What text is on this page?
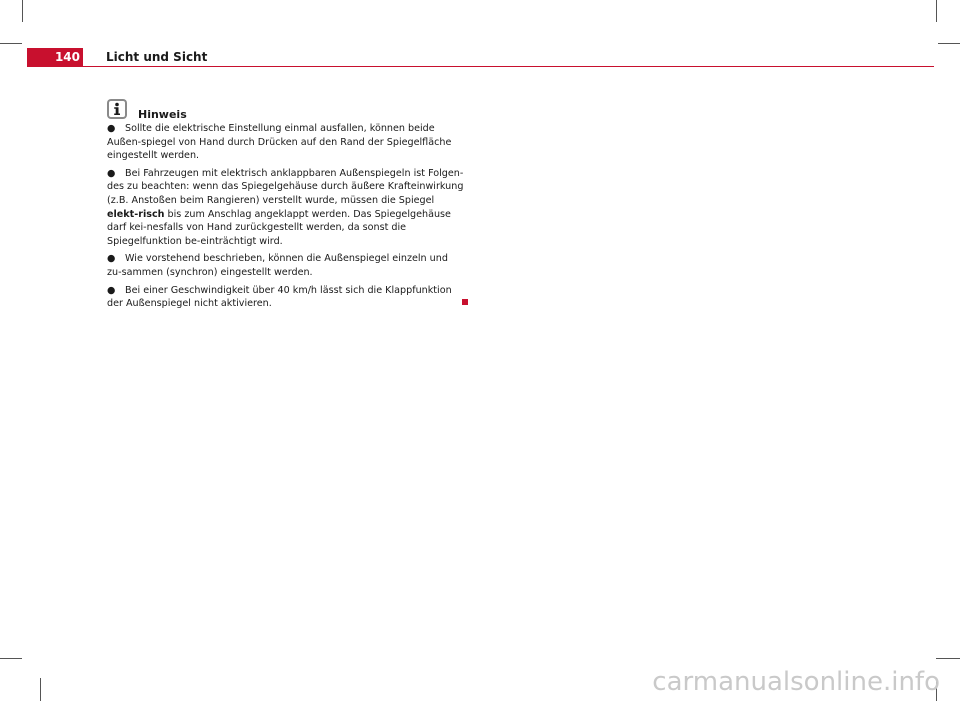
140 Licht und Sicht
Hinweis

● Sollte die elektrische Einstellung einmal ausfallen, können beide Außen-spiegel von Hand durch Drücken auf den Rand der Spiegelfläche eingestellt werden.

● Bei Fahrzeugen mit elektrisch anklappbaren Außenspiegeln ist Folgen-des zu beachten: wenn das Spiegelgehäuse durch äußere Krafteinwirkung (z.B. Anstoßen beim Rangieren) verstellt wurde, müssen die Spiegel elekt-risch bis zum Anschlag angeklappt werden. Das Spiegelgehäuse darf kei-nesfalls von Hand zurückgestellt werden, da sonst die Spiegelfunktion be-einträchtigt wird.

● Wie vorstehend beschrieben, können die Außenspiegel einzeln und zu-sammen (synchron) eingestellt werden.

● Bei einer Geschwindigkeit über 40 km/h lässt sich die Klappfunktion der Außenspiegel nicht aktivieren.

carmanualsonline.info
